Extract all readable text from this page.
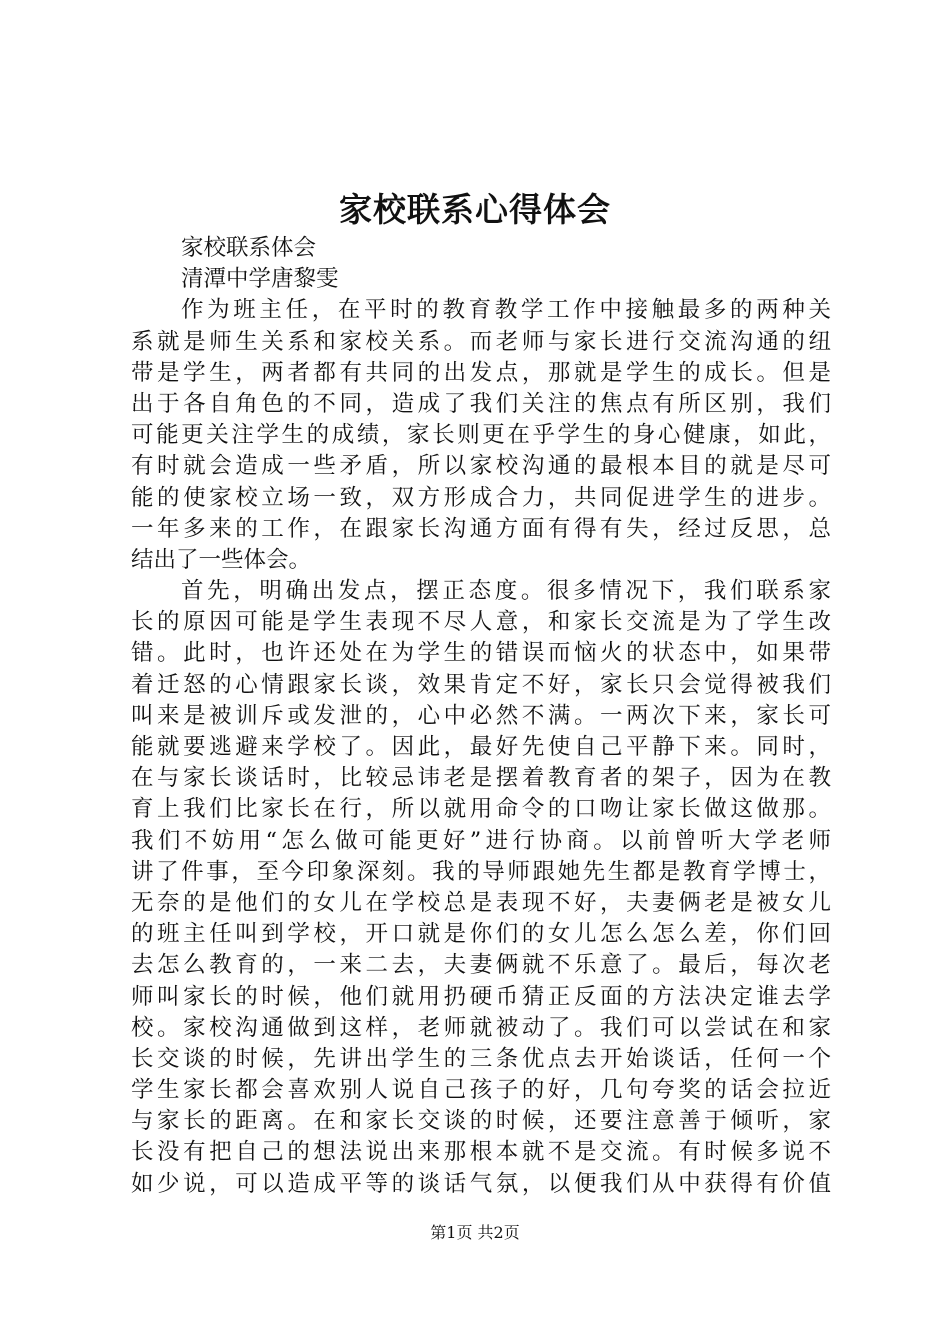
家校联系心得体会
家校联系体会
清潭中学唐黎雯
作为班主任，在平时的教育教学工作中接触最多的两种关
系就是师生关系和家校关系。而老师与家长进行交流沟通的纽
带是学生，两者都有共同的出发点，那就是学生的成长。但是
出于各自角色的不同，造成了我们关注的焦点有所区别，我们
可能更关注学生的成绩，家长则更在乎学生的身心健康，如此，
有时就会造成一些矛盾，所以家校沟通的最根本目的就是尽可
能的使家校立场一致，双方形成合力，共同促进学生的进步。
一年多来的工作，在跟家长沟通方面有得有失，经过反思，总
结出了一些体会。
首先，明确出发点，摆正态度。很多情况下，我们联系家
长的原因可能是学生表现不尽人意，和家长交流是为了学生改
错。此时，也许还处在为学生的错误而恼火的状态中，如果带
着迁怒的心情跟家长谈，效果肯定不好，家长只会觉得被我们
叫来是被训斥或发泄的，心中必然不满。一两次下来，家长可
能就要逃避来学校了。因此，最好先使自己平静下来。同时，
在与家长谈话时，比较忌讳老是摆着教育者的架子，因为在教
育上我们比家长在行，所以就用命令的口吻让家长做这做那。
我们不妨用“怎么做可能更好”进行协商。以前曾听大学老师
讲了件事，至今印象深刻。我的导师跟她先生都是教育学博士，
无奈的是他们的女儿在学校总是表现不好，夫妻俩老是被女儿
的班主任叫到学校，开口就是你们的女儿怎么怎么差，你们回
去怎么教育的，一来二去，夫妻俩就不乐意了。最后，每次老
师叫家长的时候，他们就用扔硬币猜正反面的方法决定谁去学
校。家校沟通做到这样，老师就被动了。我们可以尝试在和家
长交谈的时候，先讲出学生的三条优点去开始谈话，任何一个
学生家长都会喜欢别人说自己孩子的好，几句夸奖的话会拉近
与家长的距离。在和家长交谈的时候，还要注意善于倾听，家
长没有把自己的想法说出来那根本就不是交流。有时候多说不
如少说，可以造成平等的谈话气氛，以便我们从中获得有价值
第1页 共2页
